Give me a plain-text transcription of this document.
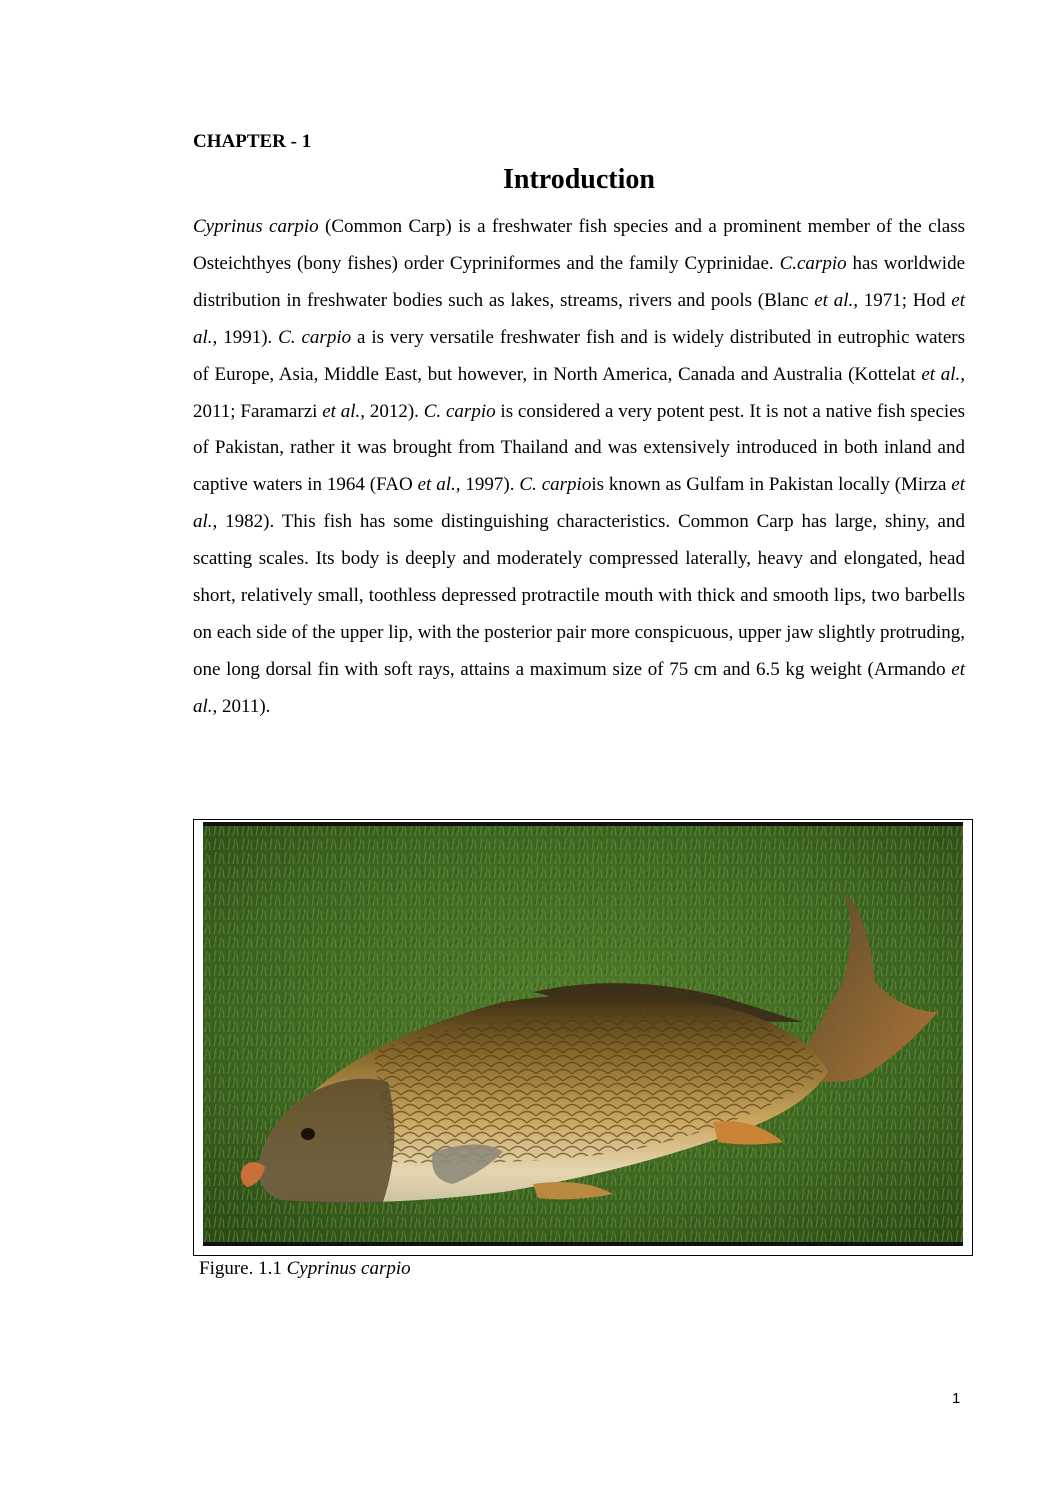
CHAPTER - 1
Introduction
Cyprinus carpio (Common Carp) is a freshwater fish species and a prominent member of the class Osteichthyes (bony fishes) order Cypriniformes and the family Cyprinidae. C.carpio has worldwide distribution in freshwater bodies such as lakes, streams, rivers and pools (Blanc et al., 1971; Hod et al., 1991). C. carpio a is very versatile freshwater fish and is widely distributed in eutrophic waters of Europe, Asia, Middle East, but however, in North America, Canada and Australia (Kottelat et al., 2011; Faramarzi et al., 2012). C. carpio is considered a very potent pest. It is not a native fish species of Pakistan, rather it was brought from Thailand and was extensively introduced in both inland and captive waters in 1964 (FAO et al., 1997). C. carpiois known as Gulfam in Pakistan locally (Mirza et al., 1982). This fish has some distinguishing characteristics. Common Carp has large, shiny, and scatting scales. Its body is deeply and moderately compressed laterally, heavy and elongated, head short, relatively small, toothless depressed protractile mouth with thick and smooth lips, two barbells on each side of the upper lip, with the posterior pair more conspicuous, upper jaw slightly protruding, one long dorsal fin with soft rays, attains a maximum size of 75 cm and 6.5 kg weight (Armando et al., 2011).
Figure. 1.1 Cyprinus carpio
1
